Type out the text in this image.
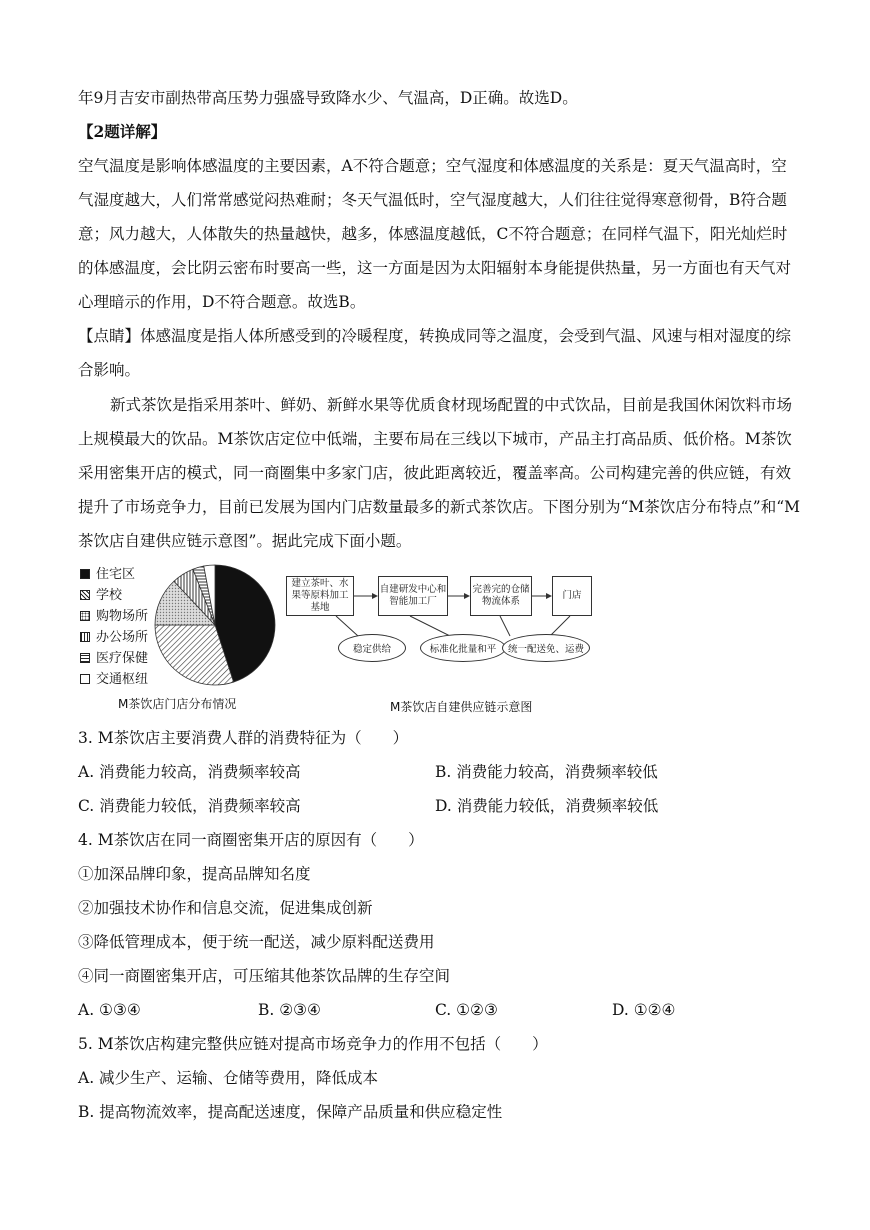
年9月吉安市副热带高压势力强盛导致降水少、气温高，D正确。故选D。
【2题详解】
空气温度是影响体感温度的主要因素，A不符合题意；空气湿度和体感温度的关系是：夏天气温高时，空
气湿度越大，人们常常感觉闷热难耐；冬天气温低时，空气湿度越大，人们往往觉得寒意彻骨，B符合题
意；风力越大，人体散失的热量越快，越多，体感温度越低，C不符合题意；在同样气温下，阳光灿烂时
的体感温度，会比阴云密布时要高一些，这一方面是因为太阳辐射本身能提供热量，另一方面也有天气对
心理暗示的作用，D不符合题意。故选B。
【点睛】体感温度是指人体所感受到的冷暖程度，转换成同等之温度，会受到气温、风速与相对湿度的综
合影响。
新式茶饮是指采用茶叶、鲜奶、新鲜水果等优质食材现场配置的中式饮品，目前是我国休闲饮料市场
上规模最大的饮品。M茶饮店定位中低端，主要布局在三线以下城市，产品主打高品质、低价格。M茶饮
采用密集开店的模式，同一商圈集中多家门店，彼此距离较近，覆盖率高。公司构建完善的供应链，有效
提升了市场竞争力，目前已发展为国内门店数量最多的新式茶饮店。下图分别为“M茶饮店分布特点”和“M
茶饮店自建供应链示意图”。据此完成下面小题。
住宅区
学校
购物场所
办公场所
医疗保健
交通枢纽
M茶饮店门店分布情况
建立茶叶、水果等原料加工基地
自建研发中心和智能加工厂
完善完的仓储物流体系
门店
稳定供给	标准化批量和平	统一配送免、运费
M茶饮店自建供应链示意图
3. M茶饮店主要消费人群的消费特征为（　　）
A. 消费能力较高，消费频率较高	B. 消费能力较高，消费频率较低
C. 消费能力较低，消费频率较高	D. 消费能力较低，消费频率较低
4. M茶饮店在同一商圈密集开店的原因有（　　）
①加深品牌印象，提高品牌知名度
②加强技术协作和信息交流，促进集成创新
③降低管理成本，便于统一配送，减少原料配送费用
④同一商圈密集开店，可压缩其他茶饮品牌的生存空间
A. ①③④	B. ②③④	C. ①②③	D. ①②④
5. M茶饮店构建完整供应链对提高市场竞争力的作用不包括（　　）
A. 减少生产、运输、仓储等费用，降低成本
B. 提高物流效率，提高配送速度，保障产品质量和供应稳定性
